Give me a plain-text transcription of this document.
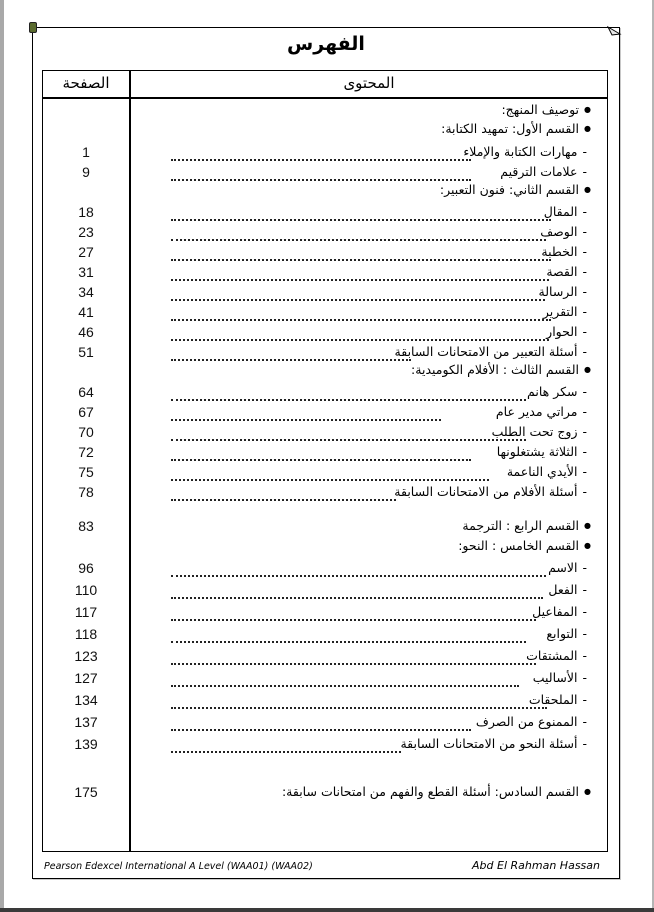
الفهرس
الصفحة	المحتوى
● توصيف المنهج:
● القسم الأول: تمهيد الكتابة:
1	-مهارات الكتابة والإملاء
9	-علامات الترقيم
● القسم الثاني: فنون التعبير:
18	-المقال
23	-الوصف
27	-الخطبة
31	-القصة
34	-الرسالة
41	-التقرير
46	-الحوار
51	-أسئلة التعبير من الامتحانات السابقة
● القسم الثالث : الأفلام الكوميدية:
64	-سكر هانم
67	-مراتي مدير عام
70	-زوج تحت الطلب
72	-الثلاثة يشتغلونها
75	-الأيدي الناعمة
78	-أسئلة الأفلام من الامتحانات السابقة
83	● القسم الرابع : الترجمة
● القسم الخامس : النحو:
96	-الاسم
110	-الفعل
117	-المفاعيل
118	-التوابع
123	-المشتقات
127	-الأساليب
134	-الملحقات
137	-الممنوع من الصرف
139	-أسئلة النحو من الامتحانات السابقة
175	● القسم السادس: أسئلة القطع والفهم من امتحانات سابقة:
Pearson Edexcel International A Level (WAA01) (WAA02)	Abd El Rahman Hassan
